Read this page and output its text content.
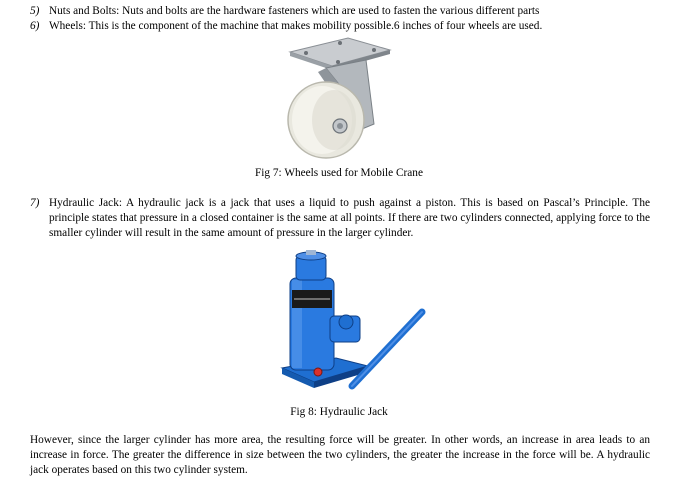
5) Nuts and Bolts: Nuts and bolts are the hardware fasteners which are used to fasten the various different parts
6) Wheels: This is the component of the machine that makes mobility possible.6 inches of four wheels are used.
Fig 7: Wheels used for Mobile Crane
7) Hydraulic Jack: A hydraulic jack is a jack that uses a liquid to push against a piston. This is based on Pascal’s Principle. The principle states that pressure in a closed container is the same at all points. If there are two cylinders connected, applying force to the smaller cylinder will result in the same amount of pressure in the larger cylinder.
Fig 8: Hydraulic Jack
However, since the larger cylinder has more area, the resulting force will be greater. In other words, an increase in area leads to an increase in force. The greater the difference in size between the two cylinders, the greater the increase in the force will be. A hydraulic jack operates based on this two cylinder system.
